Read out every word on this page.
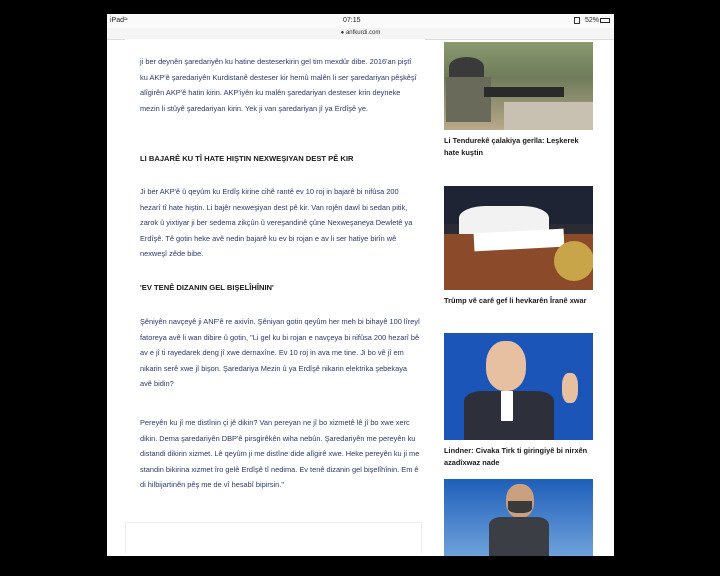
iPad	07:15	52%
≈
● anfkurdi.com

ji ber deynên şaredariyên ku hatine desteserkirin gel tim mexdûr dibe. 2016'an piştî ku AKP'ê şaredariyên Kurdistanê desteser kir hemû malên li ser şaredariyan pêşkêşî alîgirên AKP'ê hatin kirin. AKP'iyên ku malên şaredariyan desteser krin deyneke mezin li stûyê şaredariyan kirin. Yek ji van şaredariyan jî ya Erdîşê ye.

LI BAJARÊ KU TÎ HATE HIŞTIN NEXWEŞIYAN DEST PÊ KIR

Ji ber AKP'ê û qeyûm ku Erdîş kirine cihê rantê ev 10 roj in bajarê bi nifûsa 200 hezarî tî hate hiştin. Li bajêr nexweşiyan dest pê kir. Van rojên dawî bi sedan pitik, zarok û yixtiyar ji ber sedema zikçûn û vereşandinê çûne Nexweşaneya Dewletê ya Erdîşê. Tê gotin heke avê nedin bajarê ku ev bi rojan e av li ser hatiye birîn wê nexweşî zêde bibe.

'EV TENÊ DIZANIN GEL BIŞELÎHÎNIN'

Şêniyên navçeyê ji ANF'ê re axivîn. Şêniyan gotin qeyûm her meh bi bihayê 100 lîreyî fatoreya avê li wan dibire û gotin, "Li gel ku bi rojan e navçeya bi nifûsa 200 hezarî bê av e jî ti rayedarek deng jî xwe dernaxîne. Ev 10 roj in ava me tine. Ji bo vê jî em nikarin serê xwe jî bişon. Şaredariya Mezin û ya Erdîşê nikarin elektrika şebekaya avê bidin?

Pereyên ku jî me distînin çi jê dikin? Van pereyan ne jî bo xizmetê lê jî bo xwe xerc dikin. Dema şaredariyên DBP'ê pirsgirêkên wiha nebûn. Şaredariyên me pereyên ku distandi dikirin xizmet. Lê qeyûm ji me distîne dide alîgirê xwe. Heke pereyên ku ji me standin bikirina xizmet îro gelê Erdîşê tî nedima. Ev tenê dizanin gel bişelîhînin. Em ê di hilbijartinên pêş me de vî hesabî bipirsin."

Li Tendurekê çalakiya gerîla: Leşkerek hate kuştin
Trûmp vê carê gef li hevkarên Îranê xwar
Lindner: Civaka Tirk ti giringiyê bi nirxên azadîxwaz nade
